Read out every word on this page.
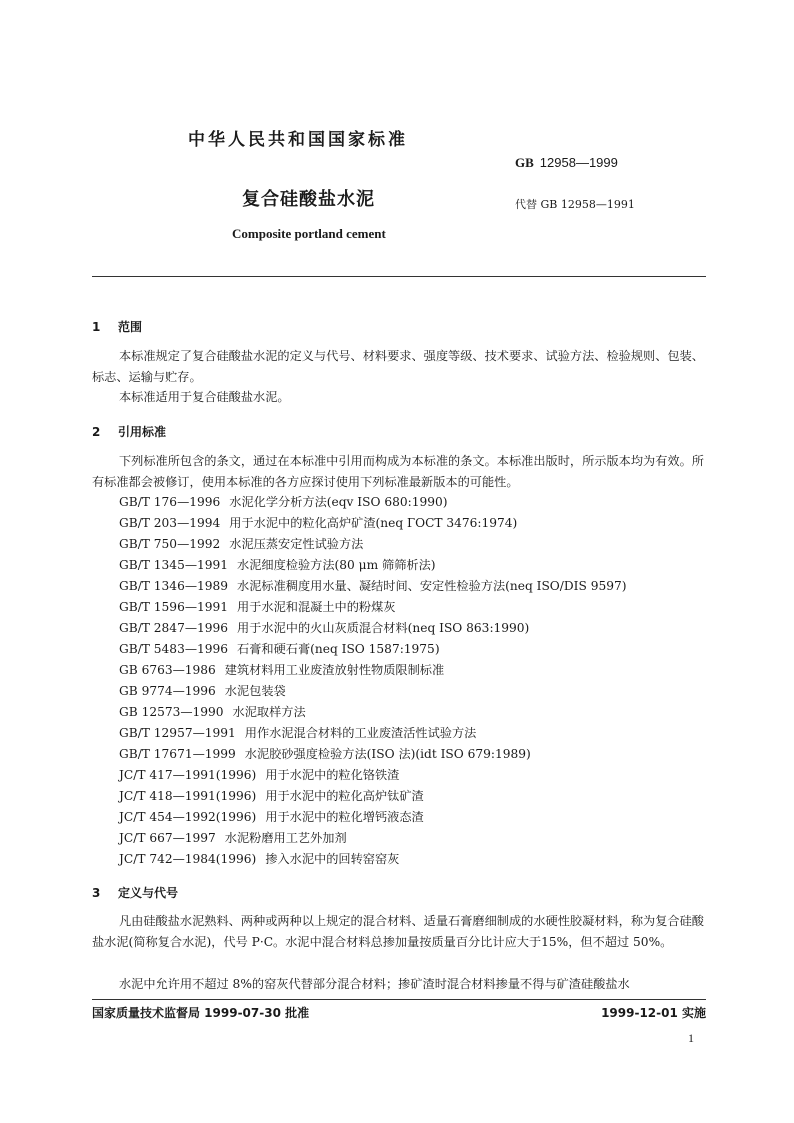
中华人民共和国国家标准
GB 12958—1999
复合硅酸盐水泥	代替 GB 12958—1991
Composite portland cement
1 范围

本标准规定了复合硅酸盐水泥的定义与代号、材料要求、强度等级、技术要求、试验方法、检验规则、包装、标志、运输与贮存。

本标准适用于复合硅酸盐水泥。

2 引用标准

下列标准所包含的条文，通过在本标准中引用而构成为本标准的条文。本标准出版时，所示版本均为有效。所有标准都会被修订，使用本标准的各方应探讨使用下列标准最新版本的可能性。

GB/T 176—1996 水泥化学分析方法(eqv ISO 680:1990)
GB/T 203—1994 用于水泥中的粒化高炉矿渣(neq ГОСТ 3476:1974)
GB/T 750—1992 水泥压蒸安定性试验方法
GB/T 1345—1991 水泥细度检验方法(80 μm 筛筛析法)
GB/T 1346—1989 水泥标准稠度用水量、凝结时间、安定性检验方法(neq ISO/DIS 9597)
GB/T 1596—1991 用于水泥和混凝土中的粉煤灰
GB/T 2847—1996 用于水泥中的火山灰质混合材料(neq ISO 863:1990)
GB/T 5483—1996 石膏和硬石膏(neq ISO 1587:1975)
GB 6763—1986 建筑材料用工业废渣放射性物质限制标准
GB 9774—1996 水泥包装袋
GB 12573—1990 水泥取样方法
GB/T 12957—1991 用作水泥混合材料的工业废渣活性试验方法
GB/T 17671—1999 水泥胶砂强度检验方法(ISO 法)(idt ISO 679:1989)
JC/T 417—1991(1996) 用于水泥中的粒化铬铁渣
JC/T 418—1991(1996) 用于水泥中的粒化高炉钛矿渣
JC/T 454—1992(1996) 用于水泥中的粒化增钙液态渣
JC/T 667—1997 水泥粉磨用工艺外加剂
JC/T 742—1984(1996) 掺入水泥中的回转窑窑灰
3 定义与代号

凡由硅酸盐水泥熟料、两种或两种以上规定的混合材料、适量石膏磨细制成的水硬性胶凝材料，称为复合硅酸盐水泥(简称复合水泥)，代号 P·C。水泥中混合材料总掺加量按质量百分比计应大于15%，但不超过 50%。

水泥中允许用不超过 8%的窑灰代替部分混合材料；掺矿渣时混合材料掺量不得与矿渣硅酸盐水

国家质量技术监督局 1999-07-30 批准	1999-12-01 实施
1
